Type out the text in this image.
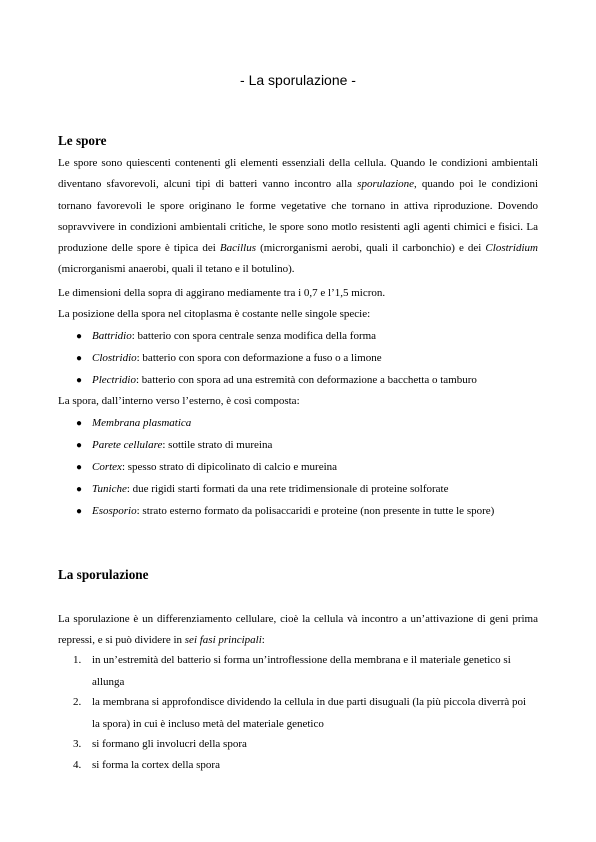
- La sporulazione -
Le spore
Le spore sono quiescenti contenenti gli elementi essenziali della cellula. Quando le condizioni ambientali diventano sfavorevoli, alcuni tipi di batteri vanno incontro alla sporulazione, quando poi le condizioni tornano favorevoli le spore originano le forme vegetative che tornano in attiva riproduzione. Dovendo sopravvivere in condizioni ambientali critiche, le spore sono motlo resistenti agli agenti chimici e fisici. La produzione delle spore è tipica dei Bacillus (microrganismi aerobi, quali il carbonchio) e dei Clostridium (microrganismi anaerobi, quali il tetano e il botulino).
Le dimensioni della sopra di aggirano mediamente tra i 0,7 e l’1,5 micron.
La posizione della spora nel citoplasma è costante nelle singole specie:
● Battridio: batterio con spora centrale senza modifica della forma
● Clostridio: batterio con spora con deformazione a fuso o a limone
● Plectridio: batterio con spora ad una estremità con deformazione a bacchetta o tamburo
La spora, dall’interno verso l’esterno, è così composta:
● Membrana plasmatica
● Parete cellulare: sottile strato di mureina
● Cortex: spesso strato di dipicolinato di calcio e mureina
● Tuniche: due rigidi starti formati da una rete tridimensionale di proteine solforate
● Esosporio: strato esterno formato da polisaccaridi e proteine (non presente in tutte le spore)
La sporulazione
La sporulazione è un differenziamento cellulare, cioè la cellula và incontro a un’attivazione di geni prima repressi, e si può dividere in sei fasi principali:
1. in un’estremità del batterio si forma un’introflessione della membrana e il materiale genetico si allunga
2. la membrana si approfondisce dividendo la cellula in due parti disuguali (la più piccola diverrà poi la spora) in cui è incluso metà del materiale genetico
3. si formano gli involucri della spora
4. si forma la cortex della spora
